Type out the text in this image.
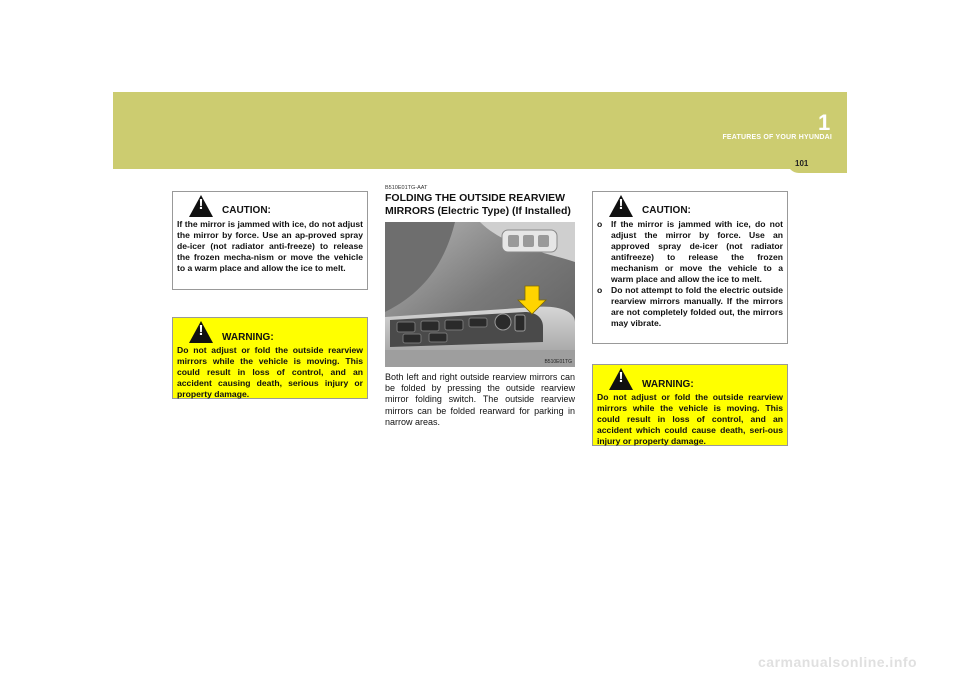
1
FEATURES OF YOUR HYUNDAI
101
!	CAUTION:
If the mirror is jammed with ice, do not adjust the mirror by force. Use an ap-proved spray de-icer (not radiator anti-freeze) to release the frozen mecha-nism or move the vehicle to a warm place and allow the ice to melt.
!	WARNING:
Do not adjust or fold the outside rearview mirrors while the vehicle is moving. This could result in loss of control, and an accident causing death, serious injury or property damage.
B510E01TG-AAT
FOLDING THE OUTSIDE REARVIEW MIRRORS (Electric Type) (If Installed)
B510E01TG
Both left and right outside rearview mirrors can be folded by pressing the outside rearview mirror folding switch. The outside rearview mirrors can be folded rearward for parking in narrow areas.
!	CAUTION:
o	If the mirror is jammed with ice, do not adjust the mirror by force. Use an approved spray de-icer (not radiator antifreeze) to release the frozen mechanism or move the vehicle to a warm place and allow the ice to melt.
o	Do not attempt to fold the electric outside rearview mirrors manually. If the mirrors are not completely folded out, the mirrors may vibrate.
!	WARNING:
Do not adjust or fold the outside rearview mirrors while the vehicle is moving. This could result in loss of control, and an accident which could cause death, seri-ous injury or property damage.
carmanualsonline.info
